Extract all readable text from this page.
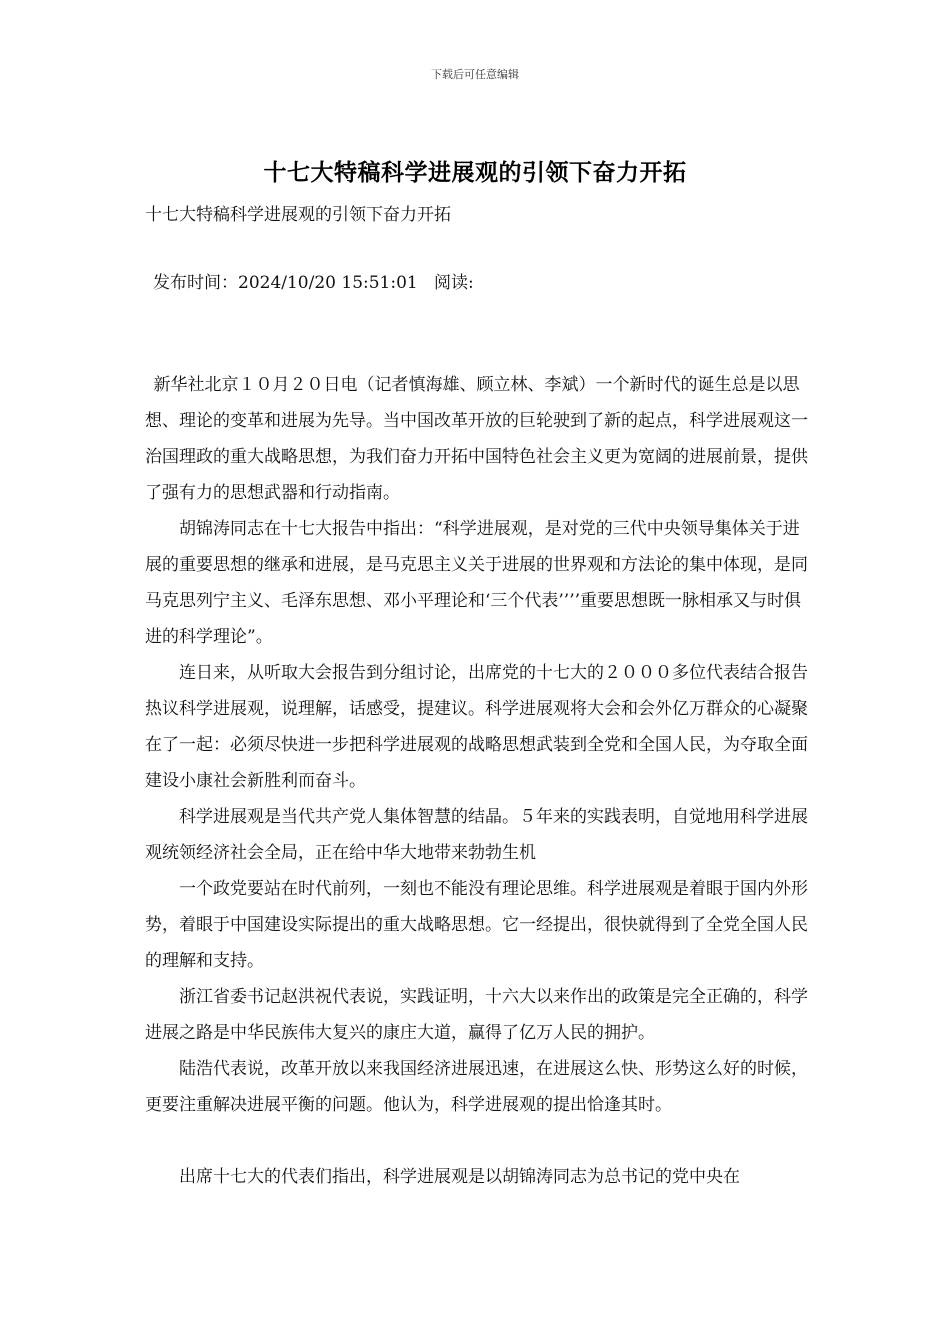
下载后可任意编辑
十七大特稿科学进展观的引领下奋力开拓
十七大特稿科学进展观的引领下奋力开拓
发布时间：2024/10/20 15:51:01 阅读:

新华社北京１０月２０日电（记者慎海雄、顾立林、李斌）一个新时代的诞生总是以思想、理论的变革和进展为先导。当中国改革开放的巨轮驶到了新的起点，科学进展观这一治国理政的重大战略思想，为我们奋力开拓中国特色社会主义更为宽阔的进展前景，提供了强有力的思想武器和行动指南。

胡锦涛同志在十七大报告中指出：“科学进展观，是对党的三代中央领导集体关于进展的重要思想的继承和进展，是马克思主义关于进展的世界观和方法论的集中体现，是同马克思列宁主义、毛泽东思想、邓小平理论和‘三个代表’’’’重要思想既一脉相承又与时俱进的科学理论”。

连日来，从听取大会报告到分组讨论，出席党的十七大的２０００多位代表结合报告热议科学进展观，说理解，话感受，提建议。科学进展观将大会和会外亿万群众的心凝聚在了一起：必须尽快进一步把科学进展观的战略思想武装到全党和全国人民，为夺取全面建设小康社会新胜利而奋斗。

科学进展观是当代共产党人集体智慧的结晶。５年来的实践表明，自觉地用科学进展观统领经济社会全局，正在给中华大地带来勃勃生机

一个政党要站在时代前列，一刻也不能没有理论思维。科学进展观是着眼于国内外形势，着眼于中国建设实际提出的重大战略思想。它一经提出，很快就得到了全党全国人民的理解和支持。

浙江省委书记赵洪祝代表说，实践证明，十六大以来作出的政策是完全正确的，科学进展之路是中华民族伟大复兴的康庄大道，赢得了亿万人民的拥护。

陆浩代表说，改革开放以来我国经济进展迅速，在进展这么快、形势这么好的时候，更要注重解决进展平衡的问题。他认为，科学进展观的提出恰逢其时。

出席十七大的代表们指出，科学进展观是以胡锦涛同志为总书记的党中央在
